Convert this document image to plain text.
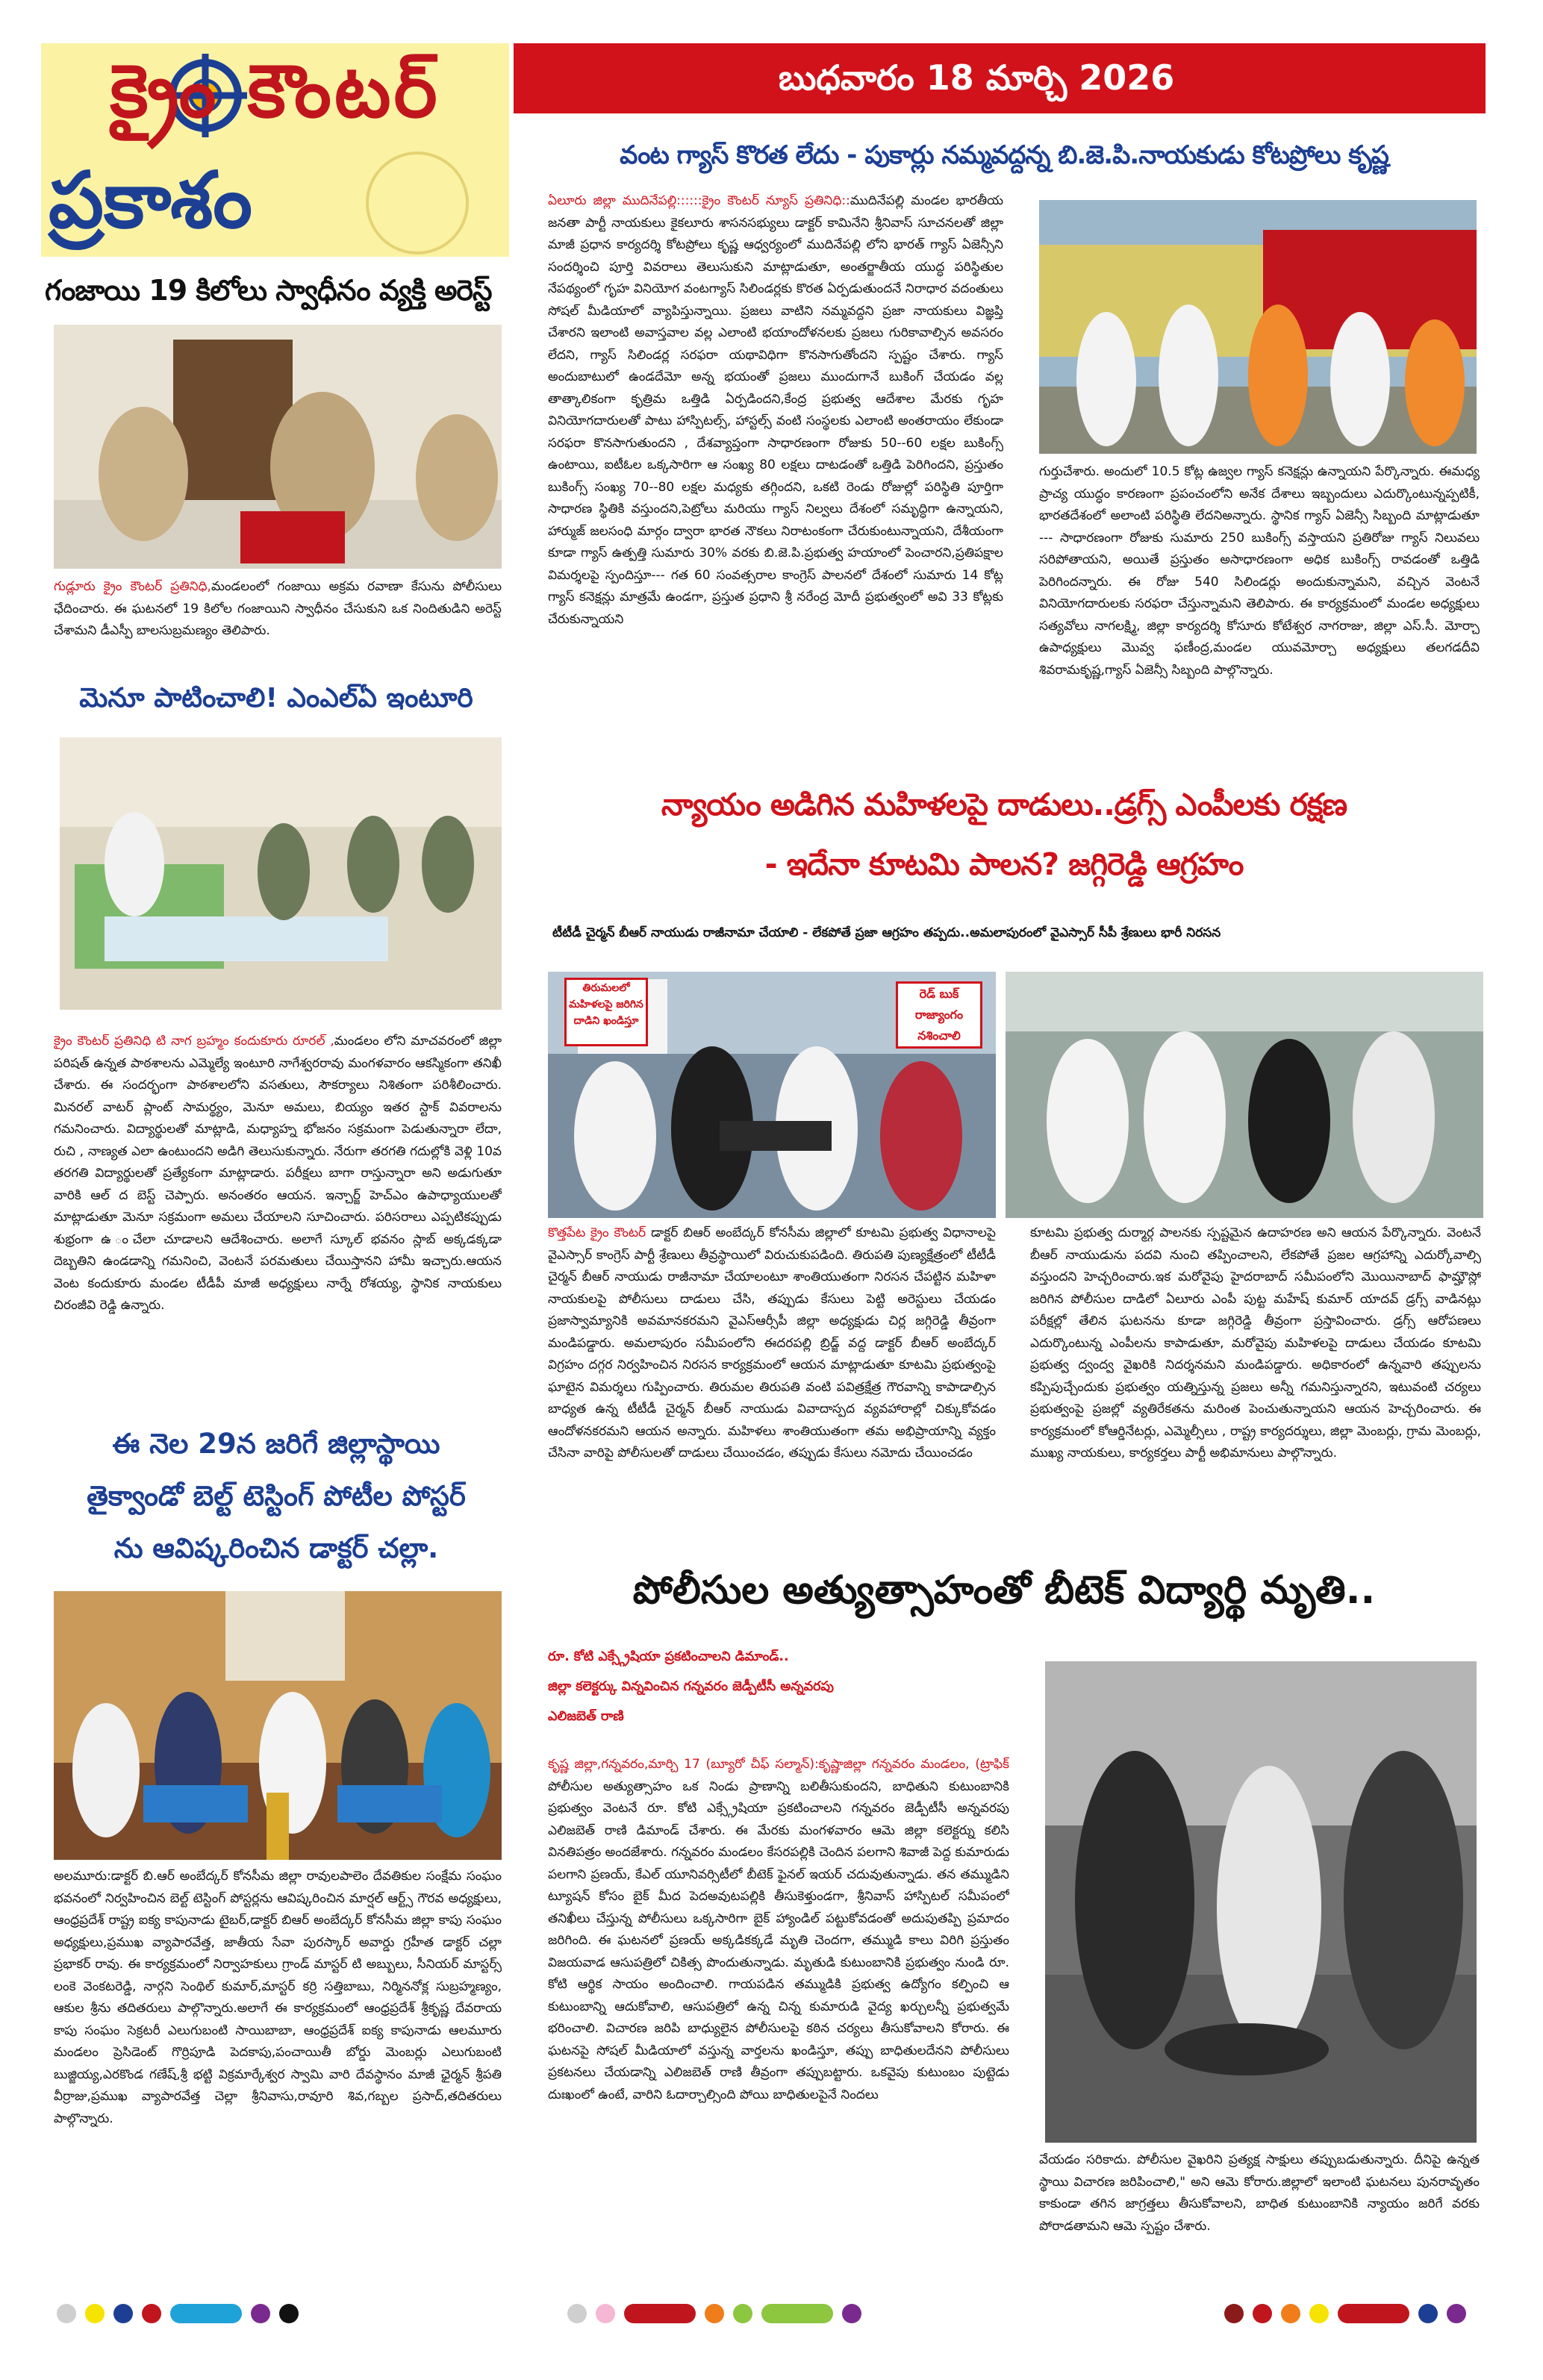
క్రైం కౌంటర్
ప్రకాశం
బుధవారం 18 మార్చి 2026
గంజాయి 19 కిలోలు స్వాధీనం వ్యక్తి అరెస్ట్
గుడ్లూరు క్రైం కౌంటర్ ప్రతినిధి,మండలంలో గంజాయి అక్రమ రవాణా కేసును పోలీసులు ఛేదించారు. ఈ ఘటనలో 19 కిలోల గంజాయిని స్వాధీనం చేసుకుని ఒక నిందితుడిని అరెస్ట్ చేశామని డీఎస్పీ బాలసుబ్రమణ్యం తెలిపారు.
మెనూ పాటించాలి! ఎంఎల్ఏ ఇంటూరి
క్రైం కౌంటర్ ప్రతినిధి టి నాగ బ్రహ్మం కందుకూరు రూరల్ ,మండలం లోని మాచవరంలో జిల్లా పరిషత్ ఉన్నత పాఠశాలను ఎమ్మెల్యే ఇంటూరి నాగేశ్వరరావు మంగళవారం ఆకస్మికంగా తనిఖీ చేశారు. ఈ సందర్భంగా పాఠశాలలోని వసతులు, సౌకర్యాలు నిశితంగా పరిశీలించారు. మినరల్ వాటర్ ప్లాంట్ సామర్థ్యం, మెనూ అమలు, బియ్యం ఇతర స్టాక్ వివరాలను గమనించారు. విద్యార్థులతో మాట్లాడి, మధ్యాహ్న భోజనం సక్రమంగా పెడుతున్నారా లేదా, రుచి , నాణ్యత ఎలా ఉంటుందని అడిగి తెలుసుకున్నారు. నేరుగా తరగతి గదుల్లోకి వెళ్లి 10వ తరగతి విద్యార్థులతో ప్రత్యేకంగా మాట్లాడారు. పరీక్షలు బాగా రాస్తున్నారా అని అడుగుతూ వారికి ఆల్ ద బెస్ట్ చెప్పారు. అనంతరం ఆయన. ఇన్చార్జ్ హెచ్ఎం ఉపాధ్యాయులతో మాట్లాడుతూ మెనూ సక్రమంగా అమలు చేయాలని సూచించారు. పరిసరాలు ఎప్పటికప్పుడు శుభ్రంగా ఉ ంచేలా చూడాలని ఆదేశించారు. అలాగే స్కూల్ భవనం స్లాబ్ అక్కడక్కడా దెబ్బతిని ఉండడాన్ని గమనించి, వెంటనే పరమతులు చేయిస్తానని హామీ ఇచ్చారు.ఆయన వెంట కందుకూరు మండల టీడీపీ మాజీ అధ్యక్షులు నార్నే రోశయ్య, స్థానిక నాయకులు చిరంజీవి రెడ్డి ఉన్నారు.
ఈ నెల 29న జరిగే జిల్లాస్థాయి
తైక్వాండో బెల్ట్ టెస్టింగ్ పోటీల పోస్టర్
ను ఆవిష్కరించిన డాక్టర్ చల్లా.
అలమూరు:డాక్టర్ బి.ఆర్ అంబేద్కర్ కోనసీమ జిల్లా రావులపాలెం దేవతికుల సంక్షేమ సంఘం భవనంలో నిర్వహించిన బెల్ట్ టెస్టింగ్ పోస్టర్లను ఆవిష్కరించిన మార్షల్ ఆర్ట్స్ గౌరవ అధ్యక్షులు, ఆంధ్రప్రదేశ్ రాష్ట్ర ఐక్య కాపునాడు టైబర్,డాక్టర్ బిఆర్ అంబేద్కర్ కోనసీమ జిల్లా కాపు సంఘం అధ్యక్షులు,ప్రముఖ వ్యాపారవేత్త, జాతీయ సేవా పురస్కార్ అవార్డు గ్రహీత డాక్టర్ చల్లా ప్రభాకర్ రావు. ఈ కార్యక్రమంలో నిర్వాహకులు గ్రాండ్ మాస్టర్ టి అబ్బులు, సీనియర్ మాస్టర్స్ లంకె వెంకటరెడ్డి, నార్గని సెంథిల్ కుమార్,మాస్టర్ కర్రి సత్తిబాబు, నిర్మిననోక్ల సుబ్రహ్మణ్యం, ఆకుల శ్రీను తదితరులు పాల్గొన్నారు.అలాగే ఈ కార్యక్రమంలో ఆంధ్రప్రదేశ్ శ్రీకృష్ణ దేవరాయ కాపు సంఘం సెక్రటరీ ఎలుగుబంటి సాయిబాబా, ఆంధ్రప్రదేశ్ ఐక్య కాపునాడు ఆలమూరు మండలం ప్రెసిడెంట్ గొర్రిపూడి పెదకాపు,పంచాయితీ బోర్డు మెంబర్లు ఎలుగుబంటి బుజ్జియ్య,ఎరకొండ గణేష్,శ్రీ భట్టి విక్రమార్కేశ్వర స్వామి వారి దేవస్థానం మాజీ ఛైర్మన్ శ్రీపతి వీర్రాజు,ప్రముఖ వ్యాపారవేత్త చెల్లా శ్రీనివాసు,రావూరి శివ,గబ్బల ప్రసాద్,తదితరులు పాల్గొన్నారు.
వంట గ్యాస్ కొరత లేదు - పుకార్లు నమ్మవద్దన్న బి.జె.పి.నాయకుడు కోటప్రోలు కృష్ణ
ఏలూరు జిల్లా ముదినేపల్లి::::::క్రైం కౌంటర్ న్యూస్ ప్రతినిధి::ముదినేపల్లి మండల భారతీయ జనతా పార్టీ నాయకులు కైకలూరు శాసనసభ్యులు డాక్టర్ కామినేని శ్రీనివాస్ సూచనలతో జిల్లా మాజీ ప్రధాన కార్యదర్శి కోటప్రోలు కృష్ణ ఆధ్వర్యంలో ముదినేపల్లి లోని భారత్ గ్యాస్ ఏజెన్సీని సందర్శించి పూర్తి వివరాలు తెలుసుకుని మాట్లాడుతూ, అంతర్జాతీయ యుద్ధ పరిస్థితుల నేపథ్యంలో గృహ వినియోగ వంటగ్యాస్ సిలిండర్లకు కొరత ఏర్పడుతుందనే నిరాధార వదంతులు సోషల్ మీడియాలో వ్యాపిస్తున్నాయి. ప్రజలు వాటిని నమ్మవద్దని ప్రజా నాయకులు విజ్ఞప్తి చేశారని ఇలాంటి అవాస్తవాల వల్ల ఎలాంటి భయాందోళనలకు ప్రజలు గురికావాల్సిన అవసరం లేదని, గ్యాస్ సిలిండర్ల సరఫరా యథావిధిగా కొనసాగుతోందని స్పష్టం చేశారు. గ్యాస్ అందుబాటులో ఉండదేమో అన్న భయంతో ప్రజలు ముందుగానే బుకింగ్ చేయడం వల్ల తాత్కాలికంగా కృత్రిమ ఒత్తిడి ఏర్పడిందని,కేంద్ర ప్రభుత్వ ఆదేశాల మేరకు గృహ వినియోగదారులతో పాటు హాస్పిటల్స్, హాస్టల్స్ వంటి సంస్థలకు ఎలాంటి అంతరాయం లేకుండా సరఫరా కొనసాగుతుందని , దేశవ్యాప్తంగా సాధారణంగా రోజుకు 50--60 లక్షల బుకింగ్స్ ఉంటాయి, ఐటీఓల ఒక్కసారిగా ఆ సంఖ్య 80 లక్షలు దాటడంతో ఒత్తిడి పెరిగిందని, ప్రస్తుతం బుకింగ్స్ సంఖ్య 70--80 లక్షల మధ్యకు తగ్గిందని, ఒకటి రెండు రోజుల్లో పరిస్థితి పూర్తిగా సాధారణ స్థితికి వస్తుందని,పెట్రోలు మరియు గ్యాస్ నిల్వలు దేశంలో సమృద్ధిగా ఉన్నాయని, హార్ముజ్ జలసంధి మార్గం ద్వారా భారత నౌకలు నిరాటంకంగా చేరుకుంటున్నాయని, దేశీయంగా కూడా గ్యాస్ ఉత్పత్తి సుమారు 30% వరకు బి.జె.పి.ప్రభుత్వ హయాంలో పెంచారని,ప్రతిపక్షాల విమర్శలపై స్పందిస్తూ--- గత 60 సంవత్సరాల కాంగ్రెస్ పాలనలో దేశంలో సుమారు 14 కోట్ల గ్యాస్ కనెక్షన్లు మాత్రమే ఉండగా, ప్రస్తుత ప్రధాని శ్రీ నరేంద్ర మోదీ ప్రభుత్వంలో అవి 33 కోట్లకు చేరుకున్నాయని
గుర్తుచేశారు. అందులో 10.5 కోట్ల ఉజ్వల గ్యాస్ కనెక్షన్లు ఉన్నాయని పేర్కొన్నారు. ఈమధ్య ప్రాచ్య యుద్ధం కారణంగా ప్రపంచంలోని అనేక దేశాలు ఇబ్బందులు ఎదుర్కొంటున్నప్పటికీ, భారతదేశంలో అలాంటి పరిస్థితి లేదనిఅన్నారు. స్థానిక గ్యాస్ ఏజెన్సీ సిబ్బంది మాట్లాడుతూ --- సాధారణంగా రోజుకు సుమారు 250 బుకింగ్స్ వస్తాయని ప్రతిరోజు గ్యాస్ నిలువలు సరిపోతాయని, అయితే ప్రస్తుతం అసాధారణంగా అధిక బుకింగ్స్ రావడంతో ఒత్తిడి పెరిగిందన్నారు. ఈ రోజు 540 సిలిండర్లు అందుకున్నామని, వచ్చిన వెంటనే వినియోగదారులకు సరఫరా చేస్తున్నామని తెలిపారు. ఈ కార్యక్రమంలో మండల అధ్యక్షులు సత్యవోలు నాగలక్ష్మి, జిల్లా కార్యదర్శి కోసూరు కోటేశ్వర నాగరాజు, జిల్లా ఎస్.సీ. మోర్చా ఉపాధ్యక్షులు మొవ్వ ఫణీంద్ర,మండల యువమోర్చా అధ్యక్షులు తలగడదీవి శివరామకృష్ణ,గ్యాస్ ఏజెన్సీ సిబ్బంది పాల్గొన్నారు.
న్యాయం అడిగిన మహిళలపై దాడులు..డ్రగ్స్ ఎంపీలకు రక్షణ
- ఇదేనా కూటమి పాలన? జగ్గిరెడ్డి ఆగ్రహం
టీటీడీ చైర్మన్ బీఆర్ నాయుడు రాజీనామా చేయాలి - లేకపోతే ప్రజా ఆగ్రహం తప్పదు..అమలాపురంలో వైఎస్సార్ సీపీ శ్రేణులు భారీ నిరసన
తిరుమలలో మహిళలపై జరిగిన దాడిని ఖండిస్తూ
రెడ్ బుక్ రాజ్యాంగం నశించాలి
కొత్తపేట క్రైం కౌంటర్ డాక్టర్ బిఆర్ అంబేద్కర్ కోనసీమ జిల్లాలో కూటమి ప్రభుత్వ విధానాలపై వైఎస్సార్ కాంగ్రెస్ పార్టీ శ్రేణులు తీవ్రస్థాయిలో విరుచుకుపడింది. తిరుపతి పుణ్యక్షేత్రంలో టీటీడీ చైర్మన్ బీఆర్ నాయుడు రాజీనామా చేయాలంటూ శాంతియుతంగా నిరసన చేపట్టిన మహిళా నాయకులపై పోలీసులు దాడులు చేసి, తప్పుడు కేసులు పెట్టి అరెస్టులు చేయడం ప్రజాస్వామ్యానికి అవమానకరమని వైఎస్ఆర్సీపీ జిల్లా అధ్యక్షుడు చిర్ల జగ్గిరెడ్డి తీవ్రంగా మండిపడ్డారు. అమలాపురం సమీపంలోని ఈదరపల్లి బ్రిడ్జ్ వద్ద డాక్టర్ బీఆర్ అంబేద్కర్ విగ్రహం దగ్గర నిర్వహించిన నిరసన కార్యక్రమంలో ఆయన మాట్లాడుతూ కూటమి ప్రభుత్వంపై ఘాటైన విమర్శలు గుప్పించారు. తిరుమల తిరుపతి వంటి పవిత్రక్షేత్ర గౌరవాన్ని కాపాడాల్సిన బాధ్యత ఉన్న టీటీడీ చైర్మన్ బీఆర్ నాయుడు వివాదాస్పద వ్యవహారాల్లో చిక్కుకోవడం ఆందోళనకరమని ఆయన అన్నారు. మహిళలు శాంతియుతంగా తమ అభిప్రాయాన్ని వ్యక్తం చేసినా వారిపై పోలీసులతో దాడులు చేయించడం, తప్పుడు కేసులు నమోదు చేయించడం
కూటమి ప్రభుత్వ దుర్మార్గ పాలనకు స్పష్టమైన ఉదాహరణ అని ఆయన పేర్కొన్నారు. వెంటనే బీఆర్ నాయుడును పదవి నుంచి తప్పించాలని, లేకపోతే ప్రజల ఆగ్రహాన్ని ఎదుర్కోవాల్సి వస్తుందని హెచ్చరించారు.ఇక మరోవైపు హైదరాబాద్ సమీపంలోని మొయినాబాద్ ఫామ్హౌస్లో జరిగిన పోలీసుల దాడిలో ఏలూరు ఎంపీ పుట్ట మహేష్ కుమార్ యాదవ్ డ్రగ్స్ వాడినట్లు పరీక్షల్లో తేలిన ఘటనను కూడా జగ్గిరెడ్డి తీవ్రంగా ప్రస్తావించారు. డ్రగ్స్ ఆరోపణలు ఎదుర్కొంటున్న ఎంపీలను కాపాడుతూ, మరోవైపు మహిళలపై దాడులు చేయడం కూటమి ప్రభుత్వ ద్వంద్వ వైఖరికి నిదర్శనమని మండిపడ్డారు. అధికారంలో ఉన్నవారి తప్పులను కప్పిపుచ్చేందుకు ప్రభుత్వం యత్నిస్తున్న ప్రజలు అన్నీ గమనిస్తున్నారని, ఇటువంటి చర్యలు ప్రభుత్వంపై ప్రజల్లో వ్యతిరేకతను మరింత పెంచుతున్నాయని ఆయన హెచ్చరించారు. ఈ కార్యక్రమంలో కోఆర్డినేటర్లు, ఎమ్మెల్సీలు , రాష్ట్ర కార్యదర్శులు, జిల్లా మెంబర్లు, గ్రామ మెంబర్లు, ముఖ్య నాయకులు, కార్యకర్తలు పార్టీ అభిమానులు పాల్గొన్నారు.
పోలీసుల అత్యుత్సాహంతో బీటెక్ విద్యార్థి మృతి..
రూ. కోటి ఎక్స్గ్రేషియా ప్రకటించాలని డిమాండ్..
జిల్లా కలెక్టర్కు విన్నవించిన గన్నవరం జెడ్పీటీసీ అన్నవరపు
ఎలిజబెత్ రాణి
కృష్ణ జిల్లా,గన్నవరం,మార్చి 17 (బ్యూరో చీఫ్ సల్మాన్):కృష్ణాజిల్లా గన్నవరం మండలం, (ట్రాఫిక్ పోలీసుల అత్యుత్సాహం ఒక నిండు ప్రాణాన్ని బలితీసుకుందని, బాధితుని కుటుంబానికి ప్రభుత్వం వెంటనే రూ. కోటి ఎక్స్గ్రేషియా ప్రకటించాలని గన్నవరం జెడ్పీటీసీ అన్నవరపు ఎలిజబెత్ రాణి డిమాండ్ చేశారు. ఈ మేరకు మంగళవారం ఆమె జిల్లా కలెక్టర్ను కలిసి వినతిపత్రం అందజేశారు. గన్నవరం మండలం కేసరపల్లికి చెందిన పలగాని శివాజీ పెద్ద కుమారుడు పలగాని ప్రణయ్, కేఎల్ యూనివర్సిటీలో బీటెక్ ఫైనల్ ఇయర్ చదువుతున్నాడు. తన తమ్ముడిని ట్యూషన్ కోసం బైక్ మీద పెదఅవుటపల్లికి తీసుకెళ్తుండగా, శ్రీనివాస్ హాస్పిటల్ సమీపంలో తనిఖీలు చేస్తున్న పోలీసులు ఒక్కసారిగా బైక్ హ్యాండిల్ పట్టుకోవడంతో అదుపుతప్పి ప్రమాదం జరిగింది. ఈ ఘటనలో ప్రణయ్ అక్కడికక్కడే మృతి చెందగా, తమ్ముడి కాలు విరిగి ప్రస్తుతం విజయవాడ ఆసుపత్రిలో చికిత్స పొందుతున్నాడు. మృతుడి కుటుంబానికి ప్రభుత్వం నుండి రూ. కోటి ఆర్థిక సాయం అందించాలి. గాయపడిన తమ్ముడికి ప్రభుత్వ ఉద్యోగం కల్పించి ఆ కుటుంబాన్ని ఆదుకోవాలి, ఆసుపత్రిలో ఉన్న చిన్న కుమారుడి వైద్య ఖర్చులన్నీ ప్రభుత్వమే భరించాలి. విచారణ జరిపి బాధ్యులైన పోలీసులపై కఠిన చర్యలు తీసుకోవాలని కోరారు. ఈ ఘటనపై సోషల్ మీడియాలో వస్తున్న వార్తలను ఖండిస్తూ, తప్పు బాధితులదేనని పోలీసులు ప్రకటనలు చేయడాన్ని ఎలిజబెత్ రాణి తీవ్రంగా తప్పుబట్టారు. ఒకవైపు కుటుంబం పుట్టెడు దుఃఖంలో ఉంటే, వారిని ఓదార్చాల్సింది పోయి బాధితులపైనే నిందలు
వేయడం సరికాదు. పోలీసుల వైఖరిని ప్రత్యక్ష సాక్షులు తప్పుబడుతున్నారు. దీనిపై ఉన్నత స్థాయి విచారణ జరిపించాలి," అని ఆమె కోరారు.జిల్లాలో ఇలాంటి ఘటనలు పునరావృతం కాకుండా తగిన జాగ్రత్తలు తీసుకోవాలని, బాధిత కుటుంబానికి న్యాయం జరిగే వరకు పోరాడతామని ఆమె స్పష్టం చేశారు.
